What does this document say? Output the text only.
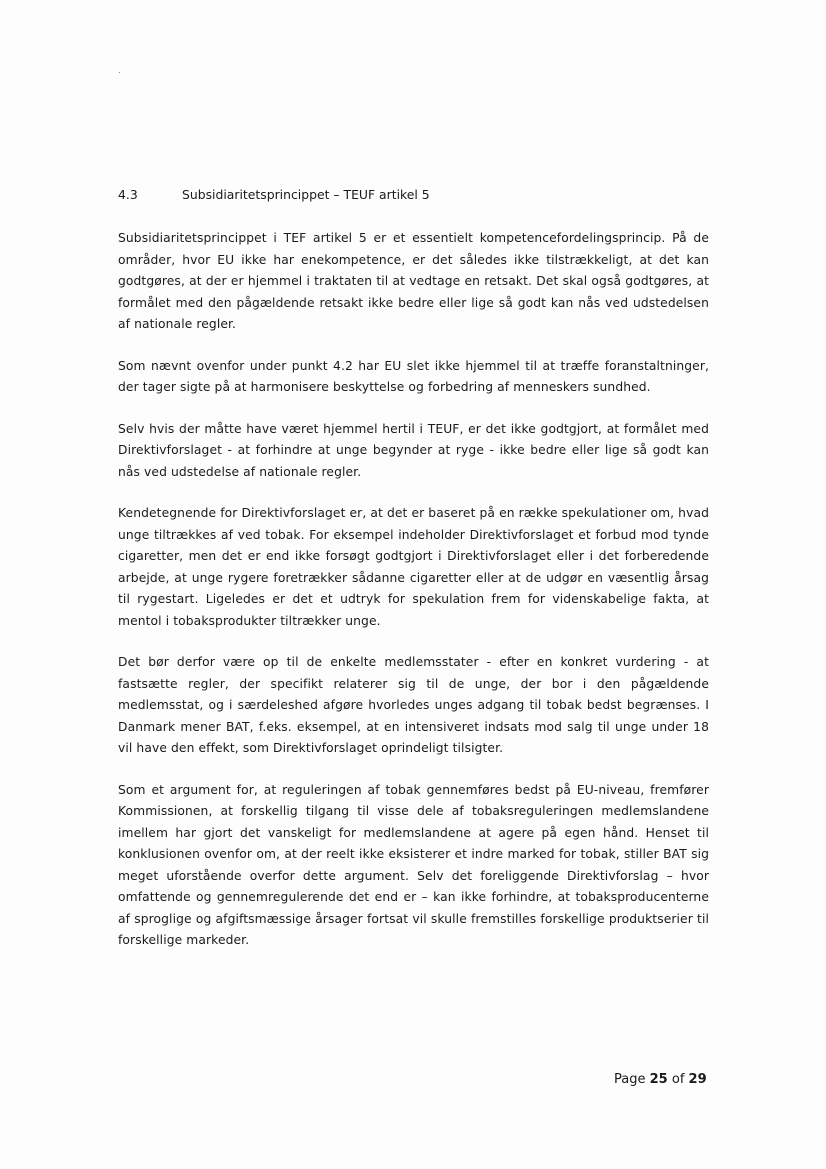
4.3	Subsidiaritetsprincippet – TEUF artikel 5

Subsidiaritetsprincippet i TEF artikel 5 er et essentielt kompetencefordelingsprincip. På de områder, hvor EU ikke har enekompetence, er det således ikke tilstrækkeligt, at det kan godtgøres, at der er hjemmel i traktaten til at vedtage en retsakt. Det skal også godtgøres, at formålet med den pågældende retsakt ikke bedre eller lige så godt kan nås ved udstedelsen af nationale regler.

Som nævnt ovenfor under punkt 4.2 har EU slet ikke hjemmel til at træffe foranstaltninger, der tager sigte på at harmonisere beskyttelse og forbedring af menneskers sundhed.

Selv hvis der måtte have været hjemmel hertil i TEUF, er det ikke godtgjort, at formålet med Direktivforslaget - at forhindre at unge begynder at ryge - ikke bedre eller lige så godt kan nås ved udstedelse af nationale regler.

Kendetegnende for Direktivforslaget er, at det er baseret på en række spekulationer om, hvad unge tiltrækkes af ved tobak. For eksempel indeholder Direktivforslaget et forbud mod tynde cigaretter, men det er end ikke forsøgt godtgjort i Direktivforslaget eller i det forberedende arbejde, at unge rygere foretrækker sådanne cigaretter eller at de udgør en væsentlig årsag til rygestart. Ligeledes er det et udtryk for spekulation frem for videnskabelige fakta, at mentol i tobaksprodukter tiltrækker unge.

Det bør derfor være op til de enkelte medlemsstater - efter en konkret vurdering - at fastsætte regler, der specifikt relaterer sig til de unge, der bor i den pågældende medlemsstat, og i særdeleshed afgøre hvorledes unges adgang til tobak bedst begrænses. I Danmark mener BAT, f.eks. eksempel, at en intensiveret indsats mod salg til unge under 18 vil have den effekt, som Direktivforslaget oprindeligt tilsigter.

Som et argument for, at reguleringen af tobak gennemføres bedst på EU-niveau, fremfører Kommissionen, at forskellig tilgang til visse dele af tobaksreguleringen medlemslandene imellem har gjort det vanskeligt for medlemslandene at agere på egen hånd. Henset til konklusionen ovenfor om, at der reelt ikke eksisterer et indre marked for tobak, stiller BAT sig meget uforstående overfor dette argument. Selv det foreliggende Direktivforslag – hvor omfattende og gennemregulerende det end er – kan ikke forhindre, at tobaksproducenterne af sproglige og afgiftsmæssige årsager fortsat vil skulle fremstilles forskellige produktserier til forskellige markeder.

Page 25 of 29
